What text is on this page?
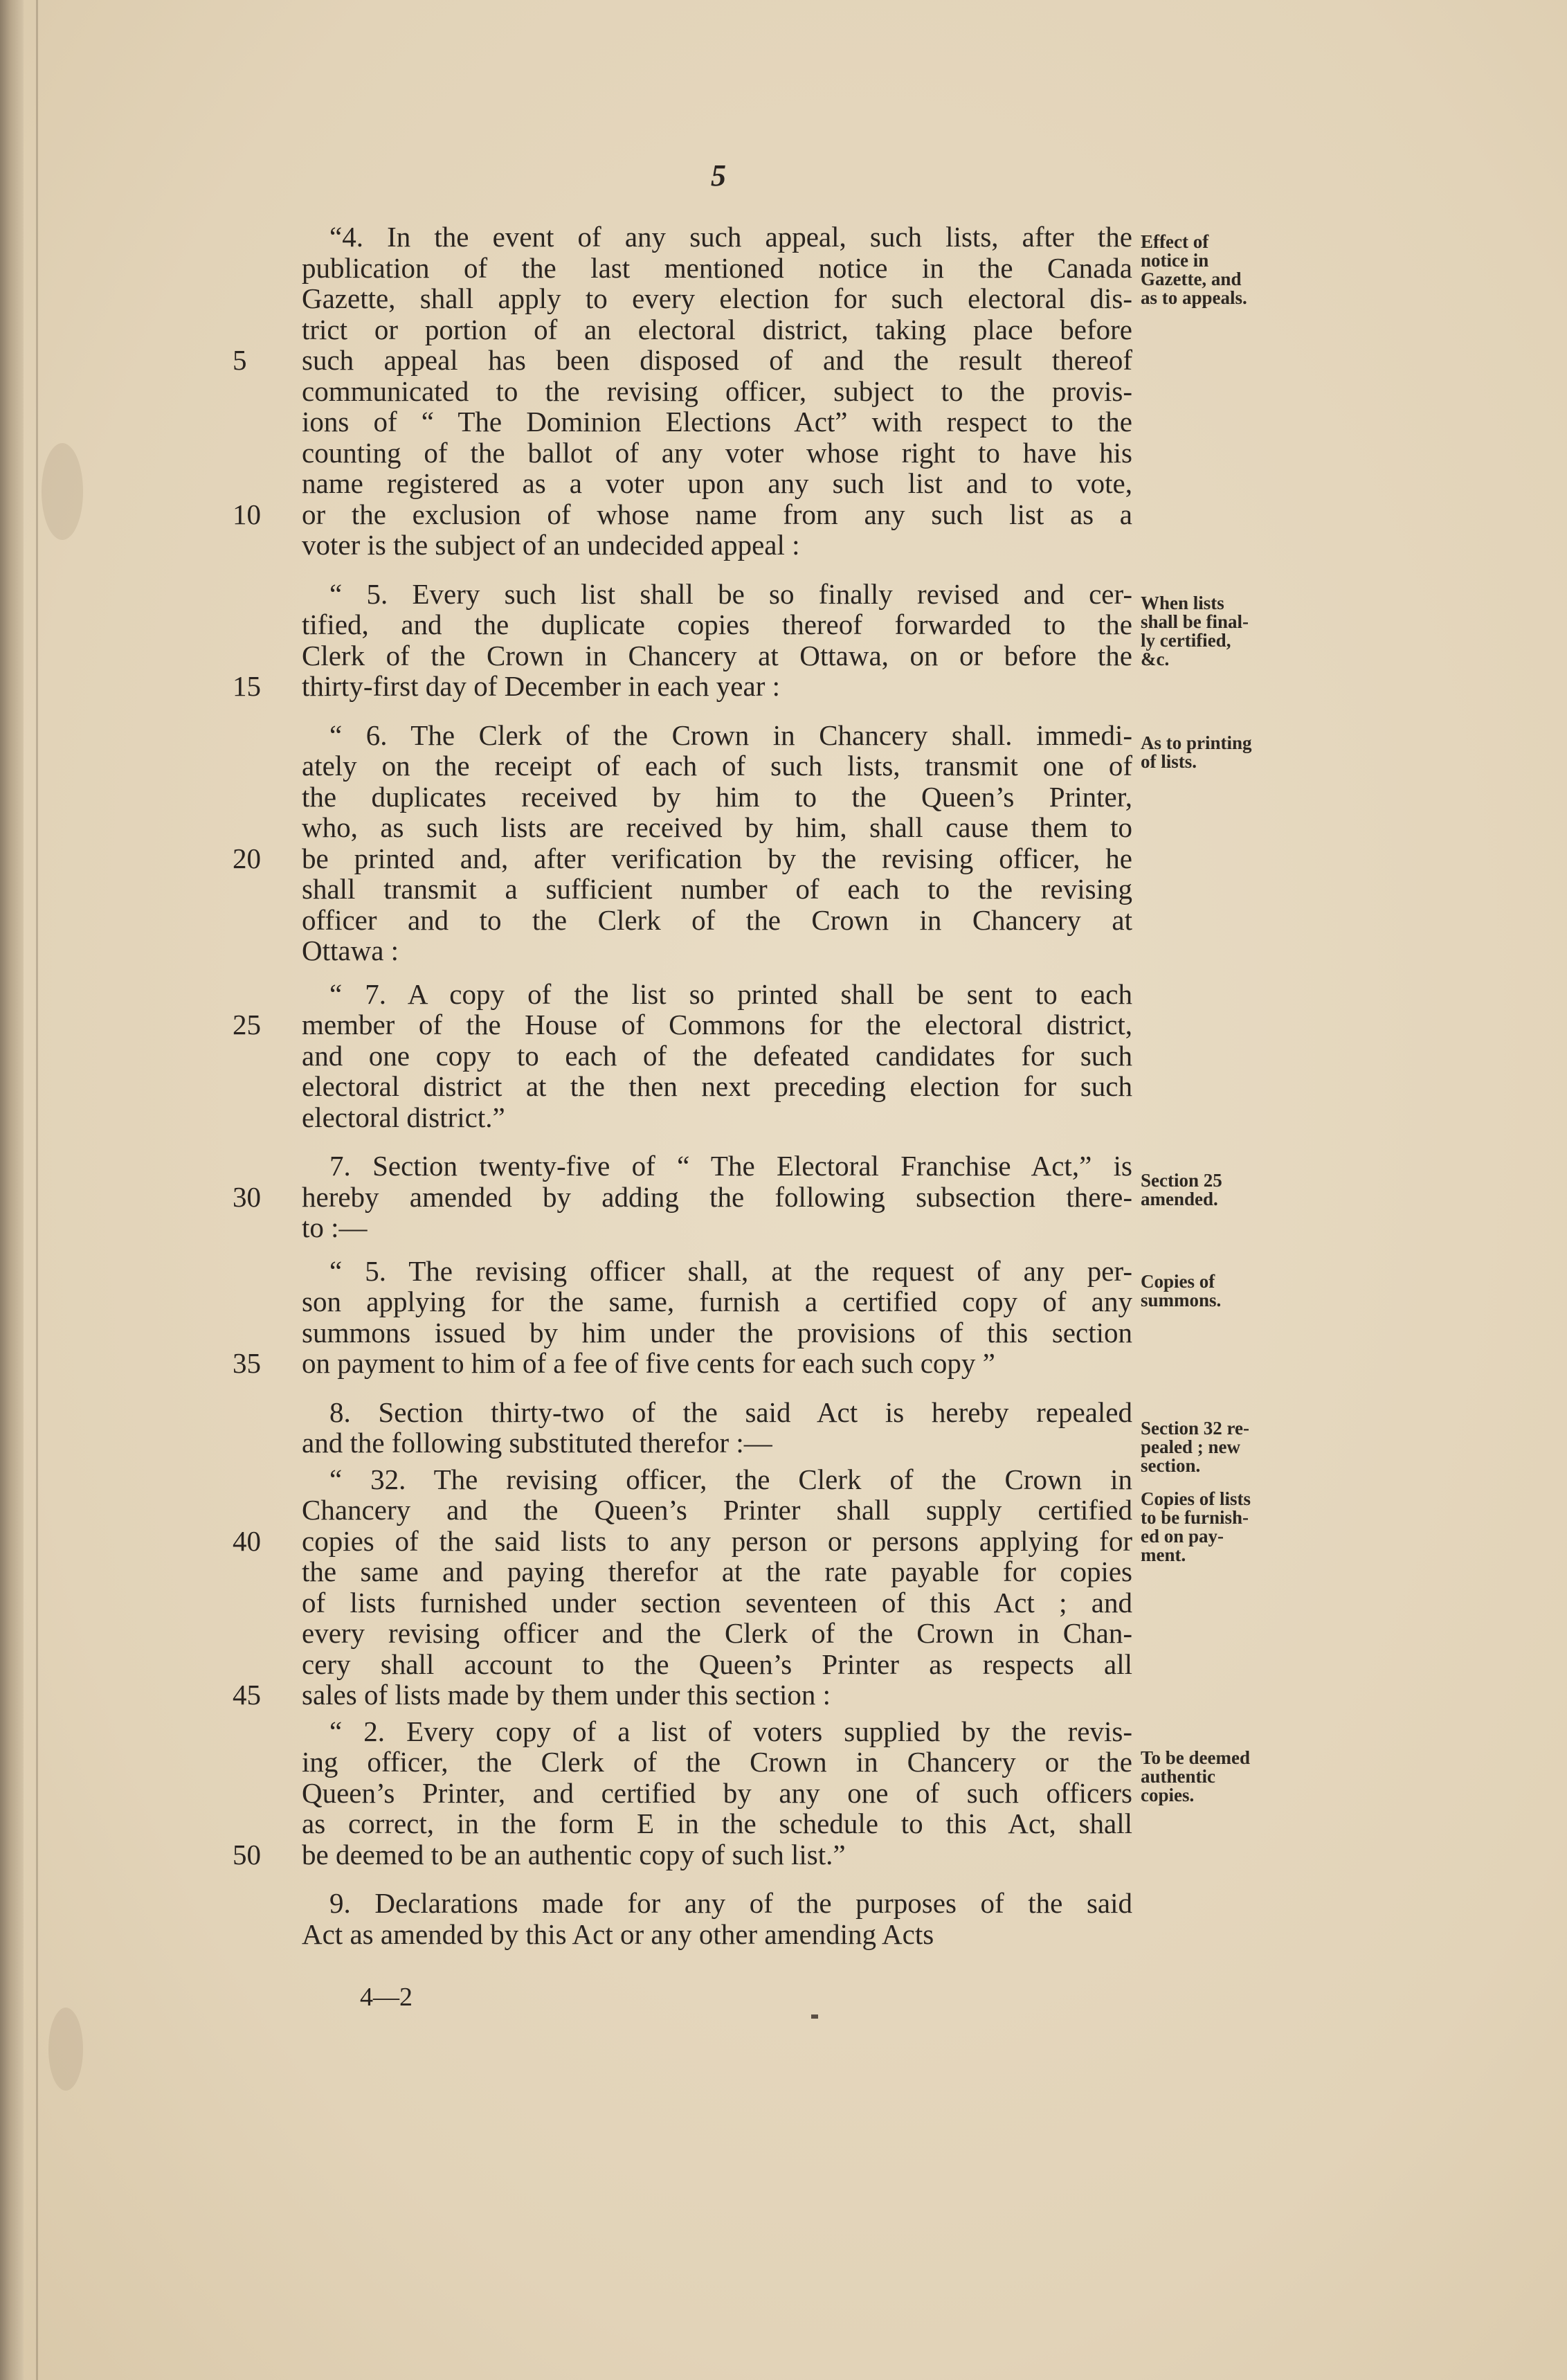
5
“4. In the event of any such appeal, such lists, after the
publication of the last mentioned notice in the Canada
Gazette, shall apply to every election for such electoral dis-
trict or portion of an electoral district, taking place before
such appeal has been disposed of and the result thereof
5
communicated to the revising officer, subject to the provis-
ions of “ The Dominion Elections Act” with respect to the
counting of the ballot of any voter whose right to have his
name registered as a voter upon any such list and to vote,
or the exclusion of whose name from any such list as a
10
voter is the subject of an undecided appeal :
“ 5. Every such list shall be so finally revised and cer-
tified, and the duplicate copies thereof forwarded to the
Clerk of the Crown in Chancery at Ottawa, on or before the
thirty-first day of December in each year :
15
“ 6. The Clerk of the Crown in Chancery shall. immedi-
ately on the receipt of each of such lists, transmit one of
the duplicates received by him to the Queen’s Printer,
who, as such lists are received by him, shall cause them to
be printed and, after verification by the revising officer, he
20
shall transmit a sufficient number of each to the revising
officer and to the Clerk of the Crown in Chancery at
Ottawa :
“ 7. A copy of the list so printed shall be sent to each
member of the House of Commons for the electoral district,
25
and one copy to each of the defeated candidates for such
electoral district at the then next preceding election for such
electoral district.”
7. Section twenty-five of “ The Electoral Franchise Act,” is
hereby amended by adding the following subsection there-
30
to :—
“ 5. The revising officer shall, at the request of any per-
son applying for the same, furnish a certified copy of any
summons issued by him under the provisions of this section
on payment to him of a fee of five cents for each such copy ”
35
8. Section thirty-two of the said Act is hereby repealed
and the following substituted therefor :—
“ 32. The revising officer, the Clerk of the Crown in
Chancery and the Queen’s Printer shall supply certified
copies of the said lists to any person or persons applying for
40
the same and paying therefor at the rate payable for copies
of lists furnished under section seventeen of this Act ; and
every revising officer and the Clerk of the Crown in Chan-
cery shall account to the Queen’s Printer as respects all
sales of lists made by them under this section :
45
“ 2. Every copy of a list of voters supplied by the revis-
ing officer, the Clerk of the Crown in Chancery or the
Queen’s Printer, and certified by any one of such officers
as correct, in the form E in the schedule to this Act, shall
be deemed to be an authentic copy of such list.”
50
9. Declarations made for any of the purposes of the said
Act as amended by this Act or any other amending Acts
Effect of
notice in
Gazette, and
as to appeals.
When lists
shall be final-
ly certified,
&c.
As to printing
of lists.
Section 25
amended.
Copies of
summons.
Section 32 re-
pealed ; new
section.
Copies of lists
to be furnish-
ed on pay-
ment.
To be deemed
authentic
copies.
4—2
